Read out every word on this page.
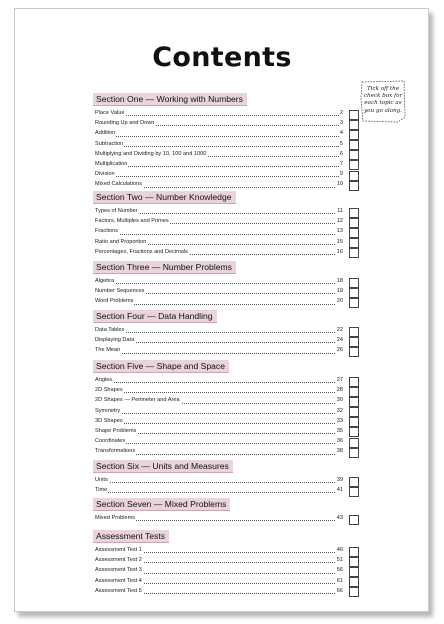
Contents
Tick off the
check box for
each topic as
you go along.
Section One — Working with Numbers
Place Value	2
Rounding Up and Down	3
Addition	4
Subtraction	5
Multiplying and Dividing by 10, 100 and 1000	6
Multiplication	7
Division	9
Mixed Calculations	10
Section Two — Number Knowledge
Types of Number	11
Factors, Multiples and Primes	12
Fractions	13
Ratio and Proportion	15
Percentages, Fractions and Decimals	16
Section Three — Number Problems
Algebra	18
Number Sequences	19
Word Problems	20
Section Four — Data Handling
Data Tables	22
Displaying Data	24
The Mean	26
Section Five — Shape and Space
Angles	27
2D Shapes	28
2D Shapes — Perimeter and Area	30
Symmetry	32
3D Shapes	33
Shape Problems	35
Coordinates	36
Transformations	38
Section Six — Units and Measures
Units	39
Time	41
Section Seven — Mixed Problems
Mixed Problems	43
Assessment Tests
Assessment Test 1	46
Assessment Test 2	51
Assessment Test 3	56
Assessment Test 4	61
Assessment Test 5	66
